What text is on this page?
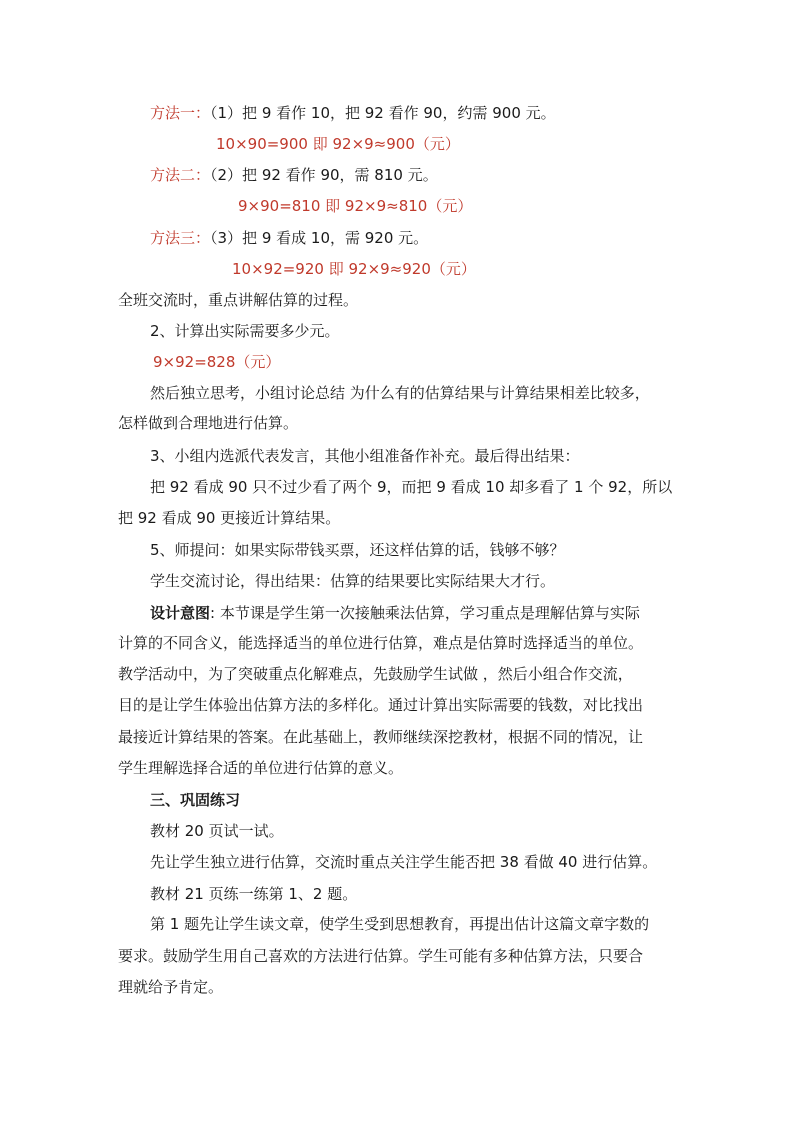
方法一：（1）把 9 看作 10，把 92 看作 90，约需 900 元。
10×90=900 即 92×9≈900（元）
方法二：（2）把 92 看作 90，需 810 元。
9×90=810 即 92×9≈810（元）
方法三：（3）把 9 看成 10，需 920 元。
10×92=920 即 92×9≈920（元）
全班交流时，重点讲解估算的过程。
2、计算出实际需要多少元。
9×92=828（元）
然后独立思考，小组讨论总结 为什么有的估算结果与计算结果相差比较多，
怎样做到合理地进行估算。
3、小组内选派代表发言，其他小组准备作补充。最后得出结果：
把 92 看成 90 只不过少看了两个 9，而把 9 看成 10 却多看了 1 个 92，所以
把 92 看成 90 更接近计算结果。
5、师提问：如果实际带钱买票，还这样估算的话，钱够不够？
学生交流讨论，得出结果：估算的结果要比实际结果大才行。
设计意图: 本节课是学生第一次接触乘法估算，学习重点是理解估算与实际
计算的不同含义，能选择适当的单位进行估算，难点是估算时选择适当的单位。
教学活动中，为了突破重点化解难点，先鼓励学生试做 ，然后小组合作交流，
目的是让学生体验出估算方法的多样化。通过计算出实际需要的钱数，对比找出
最接近计算结果的答案。在此基础上，教师继续深挖教材，根据不同的情况，让
学生理解选择合适的单位进行估算的意义。
三、巩固练习
教材 20 页试一试。
先让学生独立进行估算，交流时重点关注学生能否把 38 看做 40 进行估算。
教材 21 页练一练第 1、2 题。
第 1 题先让学生读文章，使学生受到思想教育，再提出估计这篇文章字数的
要求。鼓励学生用自己喜欢的方法进行估算。学生可能有多种估算方法，只要合
理就给予肯定。
